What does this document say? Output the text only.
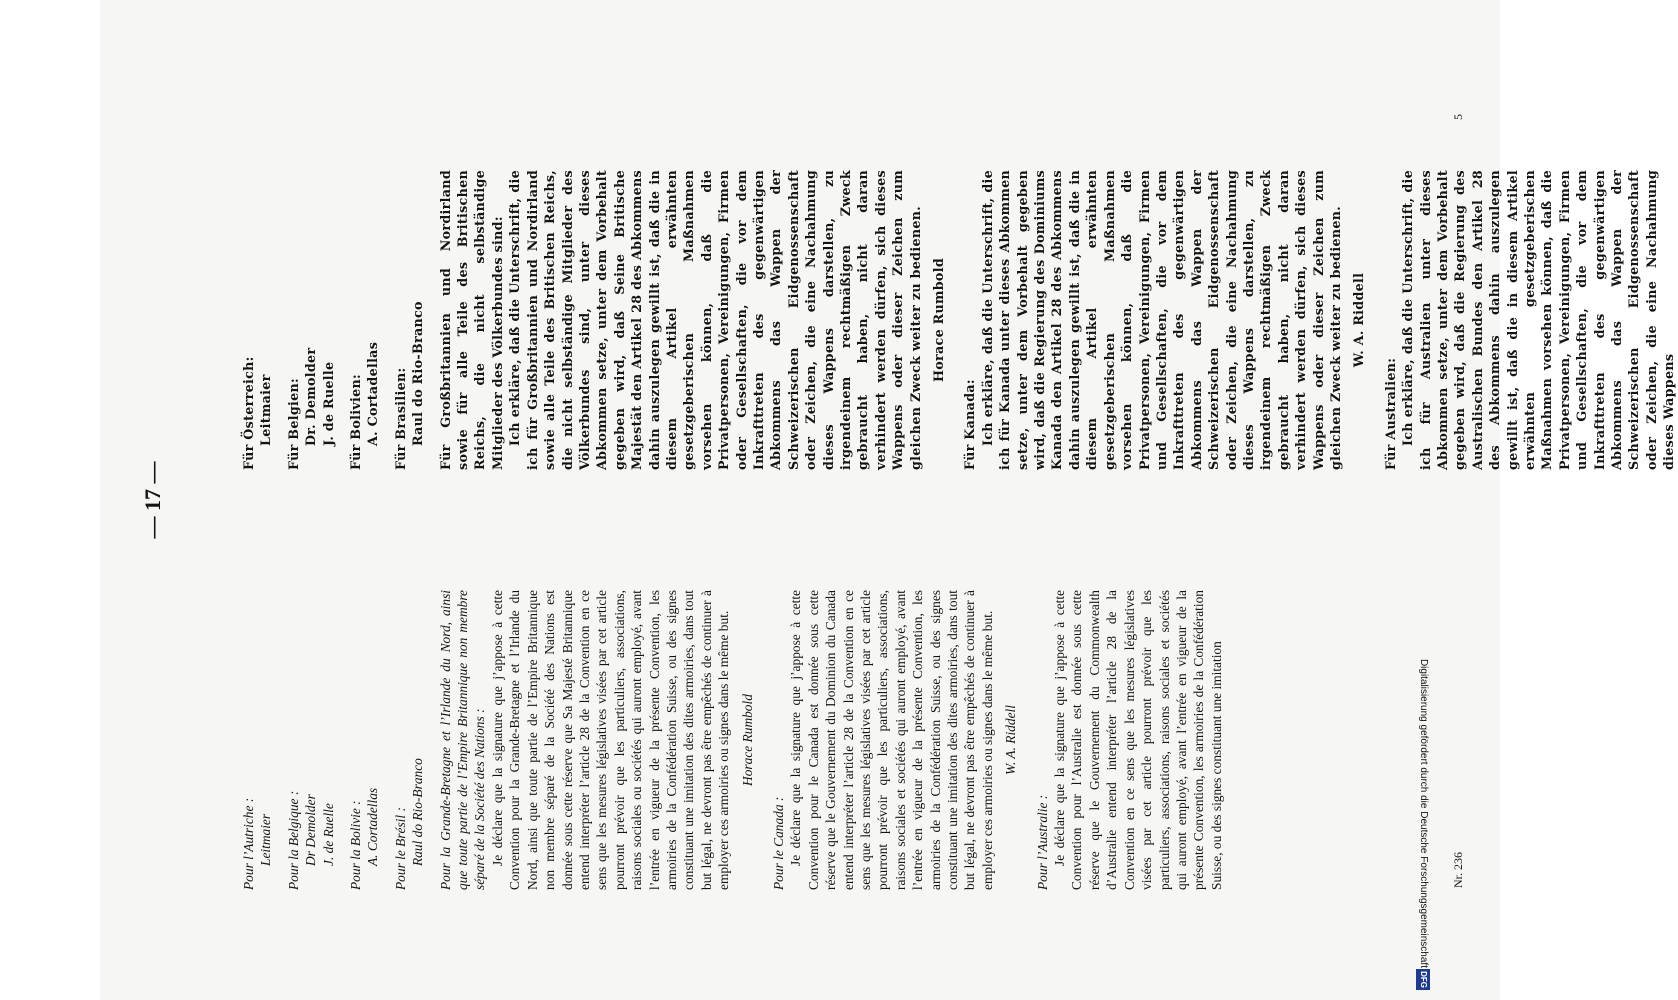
— 17 —
Pour l’Autriche : Leitmaier Pour la Belgique : Dr Demolder J. de Ruelle Pour la Bolivie : A. Cortadellas Pour le Brésil : Raul do Rio-Branco Pour la Grande-Bretagne et l’Irlande du Nord, ainsi que toute partie de l’Empire Britannique non membre séparé de la Société des Nations : Je déclare que la signature que j’appose à cette Convention pour la Grande-Bretagne et l’Irlande du Nord, ainsi que toute partie de l’Empire Britannique non membre séparé de la Société des Nations est donnée sous cette réserve que Sa Majesté Britannique entend interpréter l’article 28 de la Convention en ce sens que les mesures législatives visées par cet article pourront prévoir que les particuliers, associations, raisons sociales ou sociétés qui auront employé, avant l’entrée en vigueur de la présente Convention, les armoiries de la Confédération Suisse, ou des signes constituant une imitation des dites armoiries, dans tout but légal, ne devront pas être empêchés de continuer à employer ces armoiries ou signes dans le même but. Horace Rumbold
Pour le Canada : Je déclare que la signature que j’appose à cette Convention pour le Canada est donnée sous cette réserve que le Gouvernement du Dominion du Canada entend interpréter l’article 28 de la Convention en ce sens que les mesures législatives visées par cet article pourront prévoir que les particuliers, associations, raisons sociales et sociétés qui auront employé, avant l’entrée en vigueur de la présente Convention, les armoiries de la Confédération Suisse, ou des signes constituant une imitation des dites armoiries, dans tout but légal, ne devront pas être empêchés de continuer à employer ces armoiries ou signes dans le même but. W. A. Riddell
Pour l’Australie : Je déclare que la signature que j’appose à cette Convention pour l’Australie est donnée sous cette réserve que le Gouvernement du Commonwealth d’Australie entend interpréter l’article 28 de la Convention en ce sens que les mesures législatives visées par cet article pourront prévoir que les particuliers, associations, raisons sociales et sociétés qui auront employé, avant l’entrée en vigueur de la présente Convention, les armoiries de la Confédération Suisse, ou des signes constituant une imitation
Für Österreich: Leitmaier Für Belgien: Dr. Demolder J. de Ruelle Für Bolivien: A. Cortadellas Für Brasilien: Raul do Rio-Branco Für Großbritannien und Nordirland sowie für alle Teile des Britischen Reichs, die nicht selbständige Mitglieder des Völkerbundes sind: Ich erkläre, daß die Unterschrift, die ich für Großbritannien und Nordirland sowie alle Teile des Britischen Reichs, die nicht selbständige Mitglieder des Völkerbundes sind, unter dieses Abkommen setze, unter dem Vorbehalt gegeben wird, daß Seine Britische Majestät den Artikel 28 des Abkommens dahin auszulegen gewillt ist, daß die in diesem Artikel erwähnten gesetzgeberischen Maßnahmen vorsehen können, daß die Privatpersonen, Vereinigungen, Firmen oder Gesellschaften, die vor dem Inkrafttreten des gegenwärtigen Abkommens das Wappen der Schweizerischen Eidgenossenschaft oder Zeichen, die eine Nachahmung dieses Wappens darstellen, zu irgendeinem rechtmäßigen Zweck gebraucht haben, nicht daran verhindert werden dürfen, sich dieses Wappens oder dieser Zeichen zum gleichen Zweck weiter zu bedienen. Horace Rumbold
Für Kanada: Ich erkläre, daß die Unterschrift, die ich für Kanada unter dieses Abkommen setze, unter dem Vorbehalt gegeben wird, daß die Regierung des Dominiums Kanada den Artikel 28 des Abkommens dahin auszulegen gewillt ist, daß die in diesem Artikel erwähnten gesetzgeberischen Maßnahmen vorsehen können, daß die Privatpersonen, Vereinigungen, Firmen und Gesellschaften, die vor dem Inkrafttreten des gegenwärtigen Abkommens das Wappen der Schweizerischen Eidgenossenschaft oder Zeichen, die eine Nachahmung dieses Wappens darstellen, zu irgendeinem rechtmäßigen Zweck gebraucht haben, nicht daran verhindert werden dürfen, sich dieses Wappens oder dieser Zeichen zum gleichen Zweck weiter zu bedienen. W. A. Riddell
Für Australien: Ich erkläre, daß die Unterschrift, die ich für Australien unter dieses Abkommen setze, unter dem Vorbehalt gegeben wird, daß die Regierung des Australischen Bundes den Artikel 28 des Abkommens dahin auszulegen gewillt ist, daß die in diesem Artikel erwähnten gesetzgeberischen Maßnahmen vorsehen können, daß die Privatpersonen, Vereinigungen, Firmen und Gesellschaften, die vor dem Inkrafttreten des gegenwärtigen Abkommens das Wappen der Schweizerischen Eidgenossenschaft oder Zeichen, die eine Nachahmung dieses Wappens
Nr. 236
5
Digitalisierung gefördert durch die Deutsche Forschungsgemeinschaft
DFG
